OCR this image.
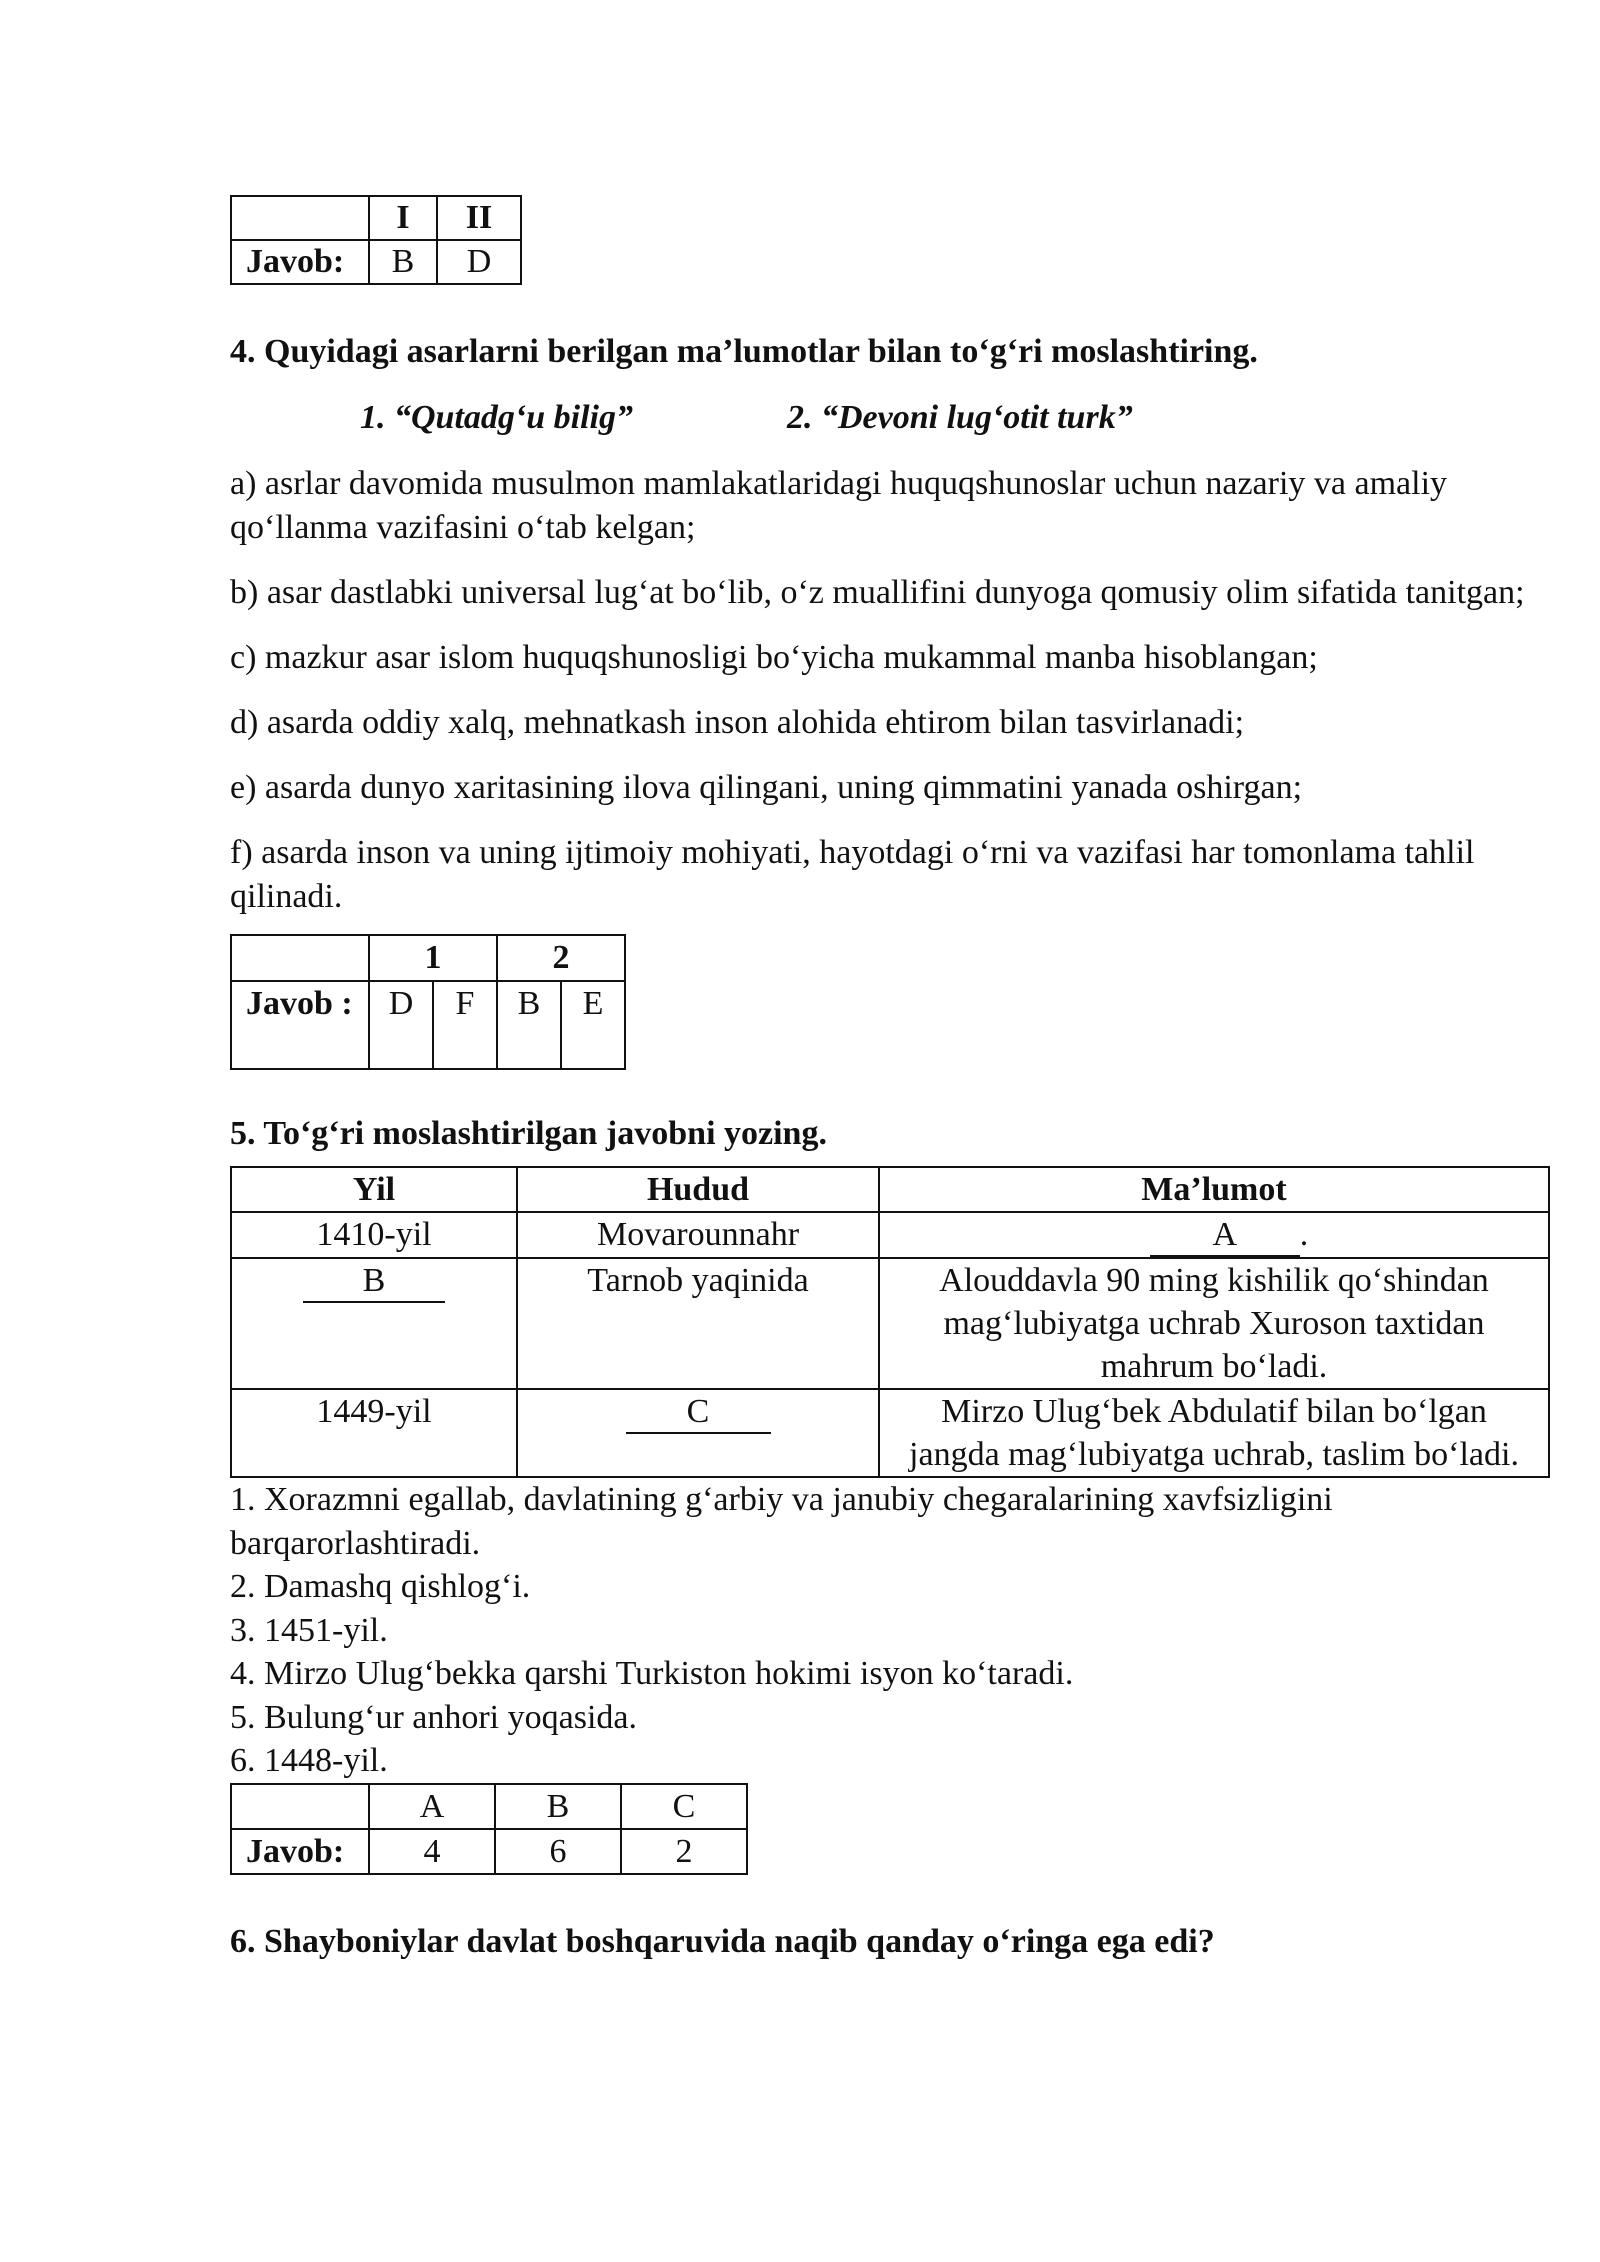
	I	II
Javob:	B	D
4. Quyidagi asarlarni berilgan ma’lumotlar bilan to‘g‘ri moslashtiring.
1. “Qutadg‘u bilig”	2. “Devoni lug‘otit turk”

a) asrlar davomida musulmon mamlakatlaridagi huquqshunoslar uchun nazariy va amaliy qo‘llanma vazifasini o‘tab kelgan;

b) asar dastlabki universal lug‘at bo‘lib, o‘z muallifini dunyoga qomusiy olim sifatida tanitgan;

c) mazkur asar islom huquqshunosligi bo‘yicha mukammal manba hisoblangan;

d) asarda oddiy xalq, mehnatkash inson alohida ehtirom bilan tasvirlanadi;

e) asarda dunyo xaritasining ilova qilingani, uning qimmatini yanada oshirgan;

f) asarda inson va uning ijtimoiy mohiyati, hayotdagi o‘rni va vazifasi har tomonlama tahlil qilinadi.

	1		2	
Javob :	D	F	B	E
5. To‘g‘ri moslashtirilgan javobni yozing.
Yil	Hudud	Ma’lumot
1410-yil	Movarounnahr	A .
B	Tarnob yaqinida	Alouddavla 90 ming kishilik qo‘shindan mag‘lubiyatga uchrab Xuroson taxtidan mahrum bo‘ladi.
1449-yil	C	Mirzo Ulug‘bek Abdulatif bilan bo‘lgan jangda mag‘lubiyatga uchrab, taslim bo‘ladi.

1. Xorazmni egallab, davlatining g‘arbiy va janubiy chegaralarining xavfsizligini barqarorlashtiradi.

2. Damashq qishlog‘i.

3. 1451-yil.

4. Mirzo Ulug‘bekka qarshi Turkiston hokimi isyon ko‘taradi.

5. Bulung‘ur anhori yoqasida.

6. 1448-yil.

	A	B	C
Javob:	4	6	2
6. Shayboniylar davlat boshqaruvida naqib qanday o‘ringa ega edi?
